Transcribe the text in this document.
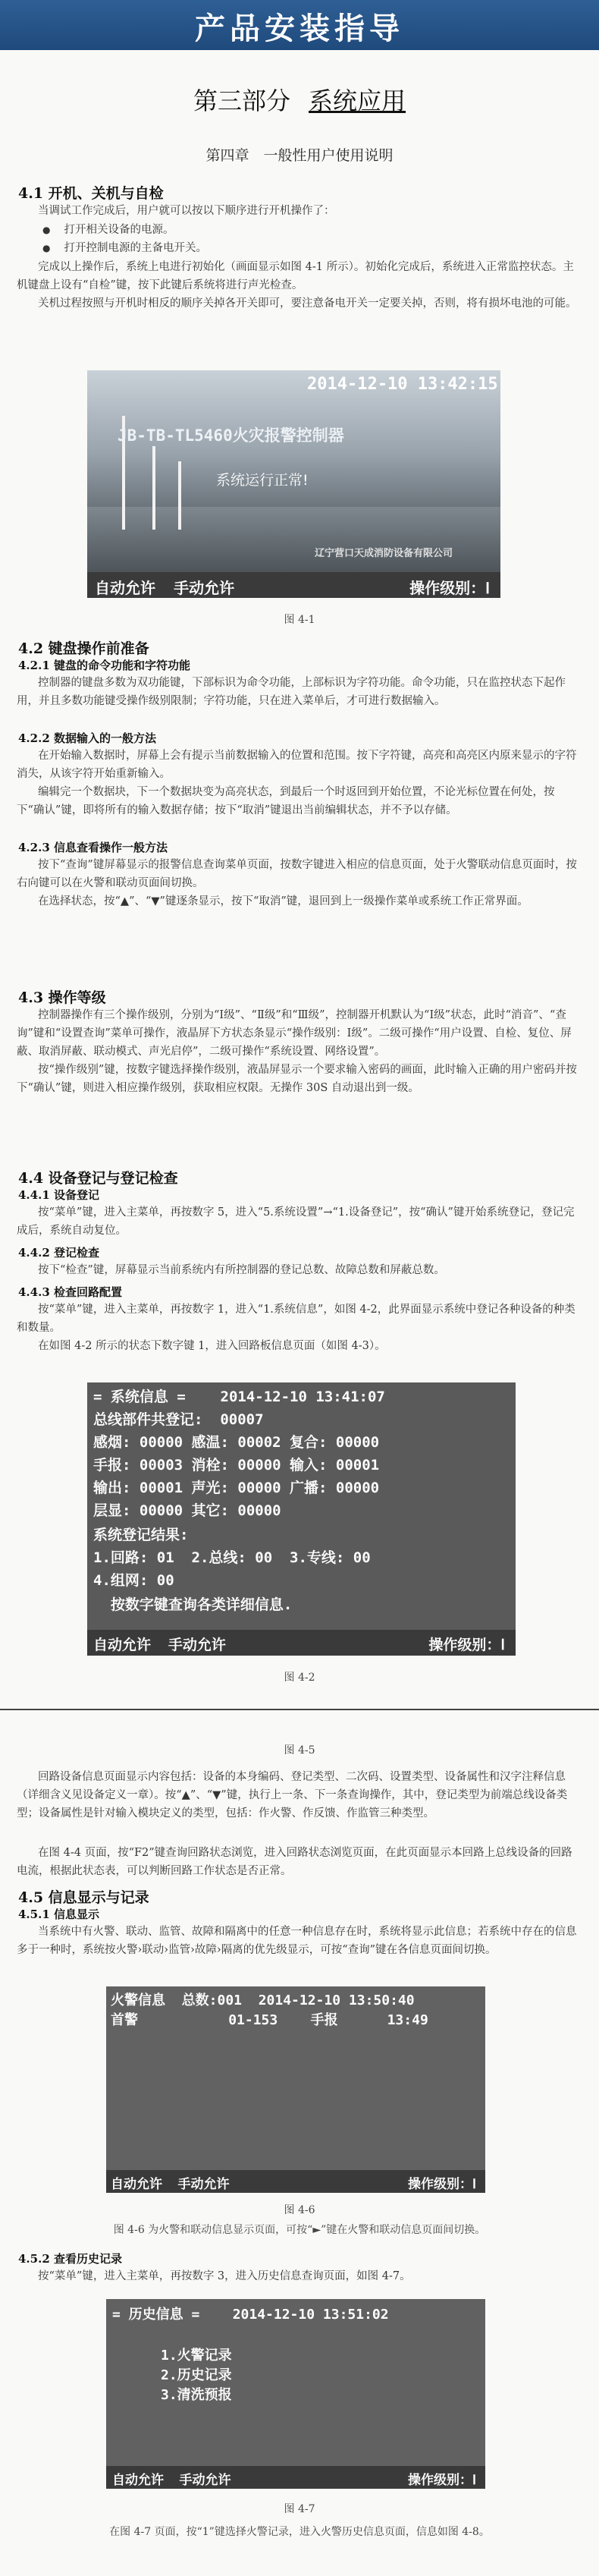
产品安装指导
第三部分 系统应用
第四章　一般性用户使用说明
4.1 开机、关机与自检

当调试工作完成后，用户就可以按以下顺序进行开机操作了：

● 打开相关设备的电源。
● 打开控制电源的主备电开关。

完成以上操作后，系统上电进行初始化（画面显示如图 4-1 所示）。初始化完成后，系统进入正常监控状态。主机键盘上设有“自检”键，按下此键后系统将进行声光检查。

关机过程按照与开机时相反的顺序关掉各开关即可，要注意备电开关一定要关掉，否则，将有损坏电池的可能。

2014-12-10 13:42:15
JB-TB-TL5460火灾报警控制器
系统运行正常!
辽宁营口天成消防设备有限公司
自动允许  手动允许	操作级别：Ⅰ
图 4-1
4.2 键盘操作前准备
4.2.1 键盘的命令功能和字符功能

控制器的键盘多数为双功能键，下部标识为命令功能，上部标识为字符功能。命令功能，只在监控状态下起作用，并且多数功能键受操作级别限制；字符功能，只在进入菜单后，才可进行数据输入。

4.2.2 数据输入的一般方法

在开始输入数据时，屏幕上会有提示当前数据输入的位置和范围。按下字符键，高亮和高亮区内原来显示的字符消失，从该字符开始重新输入。

编辑完一个数据块，下一个数据块变为高亮状态，到最后一个时返回到开始位置，不论光标位置在何处，按下“确认”键，即将所有的输入数据存储；按下“取消”键退出当前编辑状态，并不予以存储。

4.2.3 信息查看操作一般方法

按下“查询”键屏幕显示的报警信息查询菜单页面，按数字键进入相应的信息页面，处于火警联动信息页面时，按右向键可以在火警和联动页面间切换。

在选择状态，按“▲”、“▼”键逐条显示，按下“取消”键，退回到上一级操作菜单或系统工作正常界面。

4.3 操作等级

控制器操作有三个操作级别，分别为“Ⅰ级”、“Ⅱ级”和“Ⅲ级”，控制器开机默认为“Ⅰ级”状态，此时“消音”、“查询”键和“设置查询”菜单可操作，液晶屏下方状态条显示“操作级别：Ⅰ级”。二级可操作“用户设置、自检、复位、屏蔽、取消屏蔽、联动模式、声光启停”，二级可操作“系统设置、网络设置”。

按“操作级别”键，按数字键选择操作级别，液晶屏显示一个要求输入密码的画面，此时输入正确的用户密码并按下“确认”键，则进入相应操作级别，获取相应权限。无操作 30S 自动退出到一级。

4.4 设备登记与登记检查
4.4.1 设备登记

按“菜单”键，进入主菜单，再按数字 5，进入“5.系统设置”→“1.设备登记”，按“确认”键开始系统登记，登记完成后，系统自动复位。

4.4.2 登记检查

按下“检查”键，屏幕显示当前系统内有所控制器的登记总数、故障总数和屏蔽总数。

4.4.3 检查回路配置

按“菜单”键，进入主菜单，再按数字 1，进入“1.系统信息”，如图 4-2，此界面显示系统中登记各种设备的种类和数量。

在如图 4-2 所示的状态下数字键 1，进入回路板信息页面（如图 4-3）。

= 系统信息 =    2014-12-10 13:41:07
总线部件共登记:  00007
感烟: 00000 感温: 00002 复合: 00000
手报: 00003 消栓: 00000 输入: 00001
输出: 00001 声光: 00000 广播: 00000
层显: 00000 其它: 00000
系统登记结果:
1.回路: 01  2.总线: 00  3.专线: 00
4.组网: 00
按数字键查询各类详细信息.
自动允许  手动允许	操作级别：Ⅰ
图 4-2
图 4-5

回路设备信息页面显示内容包括：设备的本身编码、登记类型、二次码、设置类型、设备属性和汉字注释信息（详细含义见设备定义一章）。按“▲”、“▼”键，执行上一条、下一条查询操作，其中，登记类型为前端总线设备类型；设备属性是针对输入模块定义的类型，包括：作火警、作反馈、作监管三种类型。

在图 4-4 页面，按“F2”键查询回路状态浏览，进入回路状态浏览页面，在此页面显示本回路上总线设备的回路电流，根据此状态表，可以判断回路工作状态是否正常。

4.5 信息显示与记录
4.5.1 信息显示

当系统中有火警、联动、监管、故障和隔离中的任意一种信息存在时，系统将显示此信息；若系统中存在的信息多于一种时，系统按火警›联动›监管›故障›隔离的优先级显示，可按“查询”键在各信息页面间切换。

火警信息  总数:001  2014-12-10 13:50:40
首警           01-153    手报      13:49
自动允许  手动允许	操作级别：Ⅰ
图 4-6
图 4-6 为火警和联动信息显示页面，可按“►”键在火警和联动信息页面间切换。
4.5.2 查看历史记录

按“菜单”键，进入主菜单，再按数字 3，进入历史信息查询页面，如图 4-7。

= 历史信息 =    2014-12-10 13:51:02
1.火警记录
2.历史记录
3.清洗预报
自动允许  手动允许	操作级别：Ⅰ
图 4-7
在图 4-7 页面，按“1”键选择火警记录，进入火警历史信息页面，信息如图 4-8。
